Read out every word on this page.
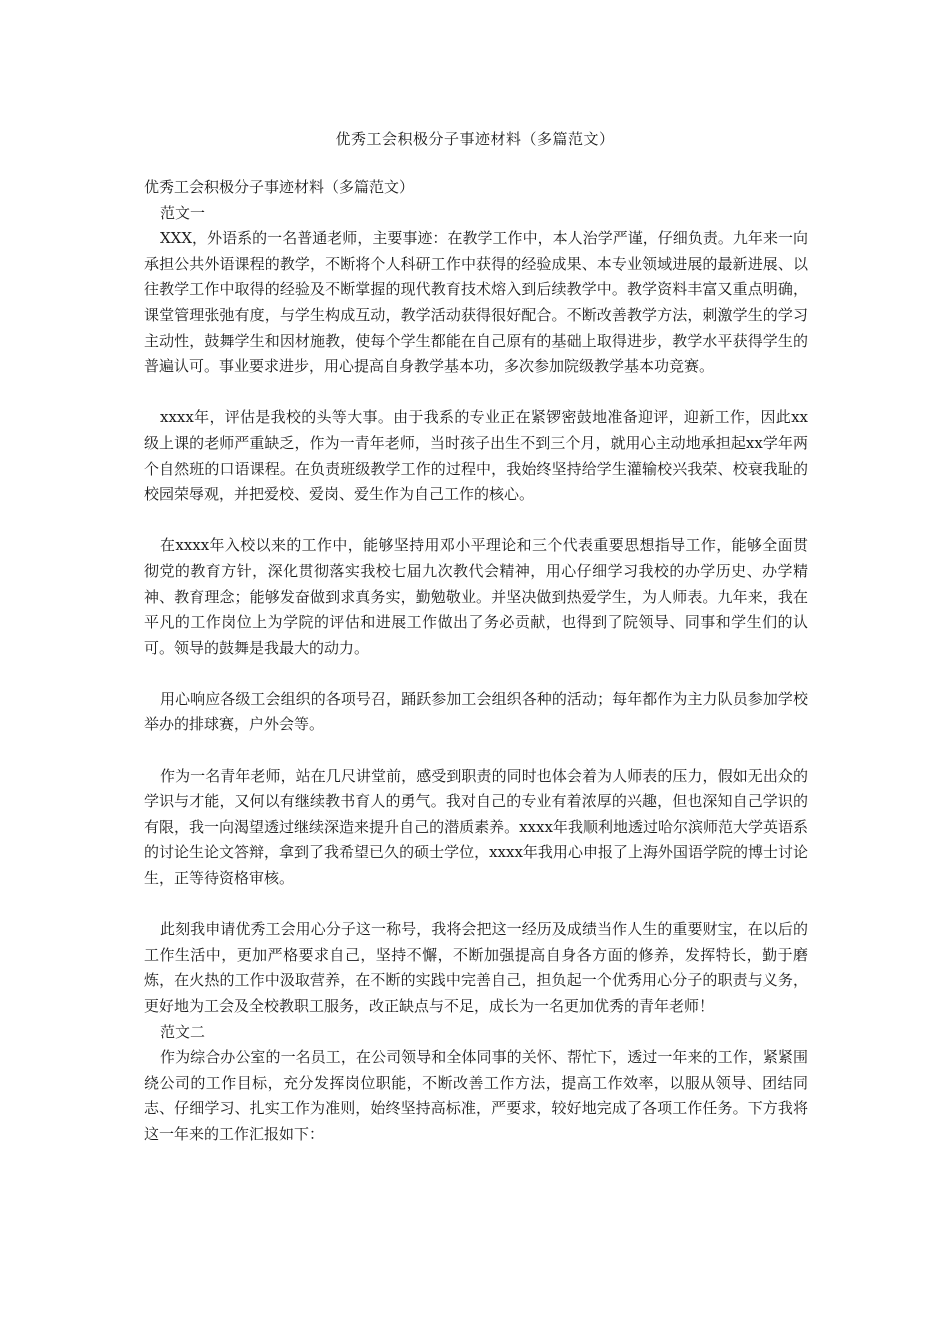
优秀工会积极分子事迹材料（多篇范文）

优秀工会积极分子事迹材料（多篇范文）

范文一

XXX，外语系的一名普通老师，主要事迹：在教学工作中，本人治学严谨，仔细负责。九年来一向承担公共外语课程的教学，不断将个人科研工作中获得的经验成果、本专业领域进展的最新进展、以往教学工作中取得的经验及不断掌握的现代教育技术熔入到后续教学中。教学资料丰富又重点明确，课堂管理张弛有度，与学生构成互动，教学活动获得很好配合。不断改善教学方法，刺激学生的学习主动性，鼓舞学生和因材施教，使每个学生都能在自己原有的基础上取得进步，教学水平获得学生的普遍认可。事业要求进步，用心提高自身教学基本功，多次参加院级教学基本功竞赛。

xxxx年，评估是我校的头等大事。由于我系的专业正在紧锣密鼓地准备迎评，迎新工作，因此xx级上课的老师严重缺乏，作为一青年老师，当时孩子出生不到三个月，就用心主动地承担起xx学年两个自然班的口语课程。在负责班级教学工作的过程中，我始终坚持给学生灌输校兴我荣、校衰我耻的校园荣辱观，并把爱校、爱岗、爱生作为自己工作的核心。

在xxxx年入校以来的工作中，能够坚持用邓小平理论和三个代表重要思想指导工作，能够全面贯彻党的教育方针，深化贯彻落实我校七届九次教代会精神，用心仔细学习我校的办学历史、办学精神、教育理念；能够发奋做到求真务实，勤勉敬业。并坚决做到热爱学生，为人师表。九年来，我在平凡的工作岗位上为学院的评估和进展工作做出了务必贡献，也得到了院领导、同事和学生们的认可。领导的鼓舞是我最大的动力。

用心响应各级工会组织的各项号召，踊跃参加工会组织各种的活动；每年都作为主力队员参加学校举办的排球赛，户外会等。

作为一名青年老师，站在几尺讲堂前，感受到职责的同时也体会着为人师表的压力，假如无出众的学识与才能，又何以有继续教书育人的勇气。我对自己的专业有着浓厚的兴趣，但也深知自己学识的有限，我一向渴望透过继续深造来提升自己的潜质素养。xxxx年我顺利地透过哈尔滨师范大学英语系的讨论生论文答辩，拿到了我希望已久的硕士学位，xxxx年我用心申报了上海外国语学院的博士讨论生，正等待资格审核。

此刻我申请优秀工会用心分子这一称号，我将会把这一经历及成绩当作人生的重要财宝，在以后的工作生活中，更加严格要求自己，坚持不懈，不断加强提高自身各方面的修养，发挥特长，勤于磨炼，在火热的工作中汲取营养，在不断的实践中完善自己，担负起一个优秀用心分子的职责与义务，更好地为工会及全校教职工服务，改正缺点与不足，成长为一名更加优秀的青年老师！

范文二

作为综合办公室的一名员工，在公司领导和全体同事的关怀、帮忙下，透过一年来的工作，紧紧围绕公司的工作目标，充分发挥岗位职能，不断改善工作方法，提高工作效率，以服从领导、团结同志、仔细学习、扎实工作为准则，始终坚持高标准，严要求，较好地完成了各项工作任务。下方我将这一年来的工作汇报如下：
